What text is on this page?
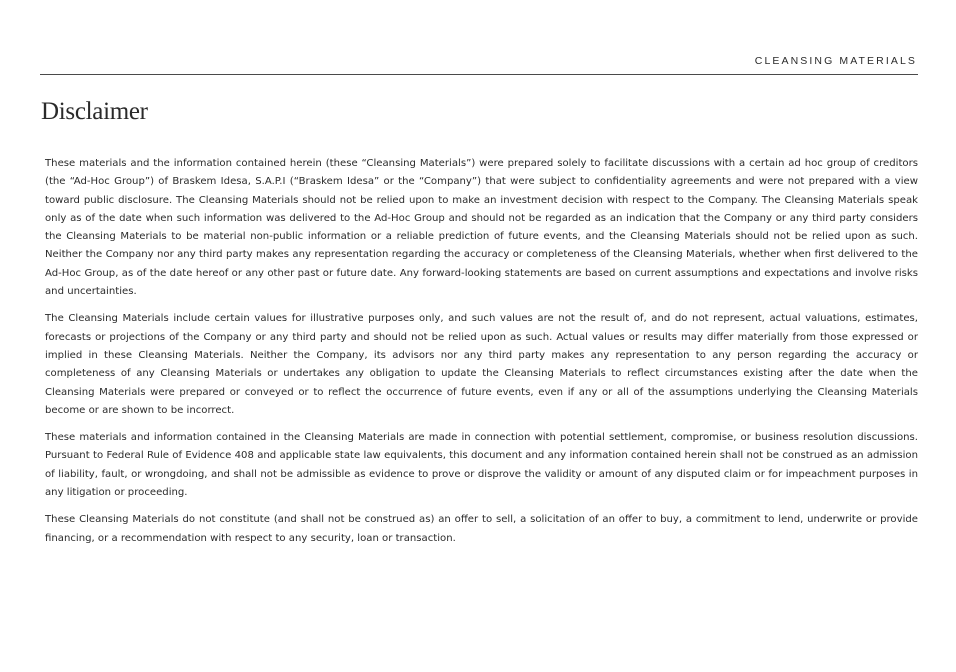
CLEANSING MATERIALS
Disclaimer

These materials and the information contained herein (these “Cleansing Materials”) were prepared solely to facilitate discussions with a certain ad hoc group of creditors (the “Ad-Hoc Group”) of Braskem Idesa, S.A.P.I (“Braskem Idesa” or the “Company”) that were subject to confidentiality agreements and were not prepared with a view toward public disclosure. The Cleansing Materials should not be relied upon to make an investment decision with respect to the Company. The Cleansing Materials speak only as of the date when such information was delivered to the Ad-Hoc Group and should not be regarded as an indication that the Company or any third party considers the Cleansing Materials to be material non-public information or a reliable prediction of future events, and the Cleansing Materials should not be relied upon as such. Neither the Company nor any third party makes any representation regarding the accuracy or completeness of the Cleansing Materials, whether when first delivered to the Ad-Hoc Group, as of the date hereof or any other past or future date. Any forward-looking statements are based on current assumptions and expectations and involve risks and uncertainties.

The Cleansing Materials include certain values for illustrative purposes only, and such values are not the result of, and do not represent, actual valuations, estimates, forecasts or projections of the Company or any third party and should not be relied upon as such. Actual values or results may differ materially from those expressed or implied in these Cleansing Materials. Neither the Company, its advisors nor any third party makes any representation to any person regarding the accuracy or completeness of any Cleansing Materials or undertakes any obligation to update the Cleansing Materials to reflect circumstances existing after the date when the Cleansing Materials were prepared or conveyed or to reflect the occurrence of future events, even if any or all of the assumptions underlying the Cleansing Materials become or are shown to be incorrect.

These materials and information contained in the Cleansing Materials are made in connection with potential settlement, compromise, or business resolution discussions. Pursuant to Federal Rule of Evidence 408 and applicable state law equivalents, this document and any information contained herein shall not be construed as an admission of liability, fault, or wrongdoing, and shall not be admissible as evidence to prove or disprove the validity or amount of any disputed claim or for impeachment purposes in any litigation or proceeding.

These Cleansing Materials do not constitute (and shall not be construed as) an offer to sell, a solicitation of an offer to buy, a commitment to lend, underwrite or provide financing, or a recommendation with respect to any security, loan or transaction.
